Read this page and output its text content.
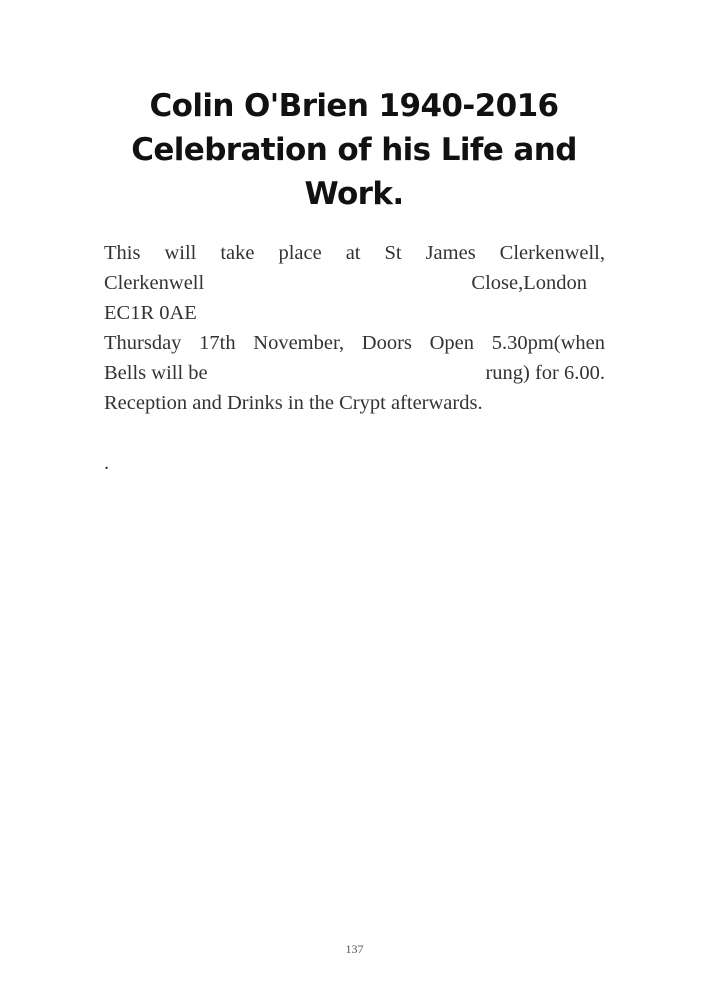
Colin O'Brien 1940-2016
Celebration of his Life and
Work.
This will take place at St James Clerkenwell,
Clerkenwell	Close,London
EC1R 0AE
Thursday 17th November, Doors Open 5.30pm(when
Bells will be	rung) for 6.00.
Reception and Drinks in the Crypt afterwards.
.
137
